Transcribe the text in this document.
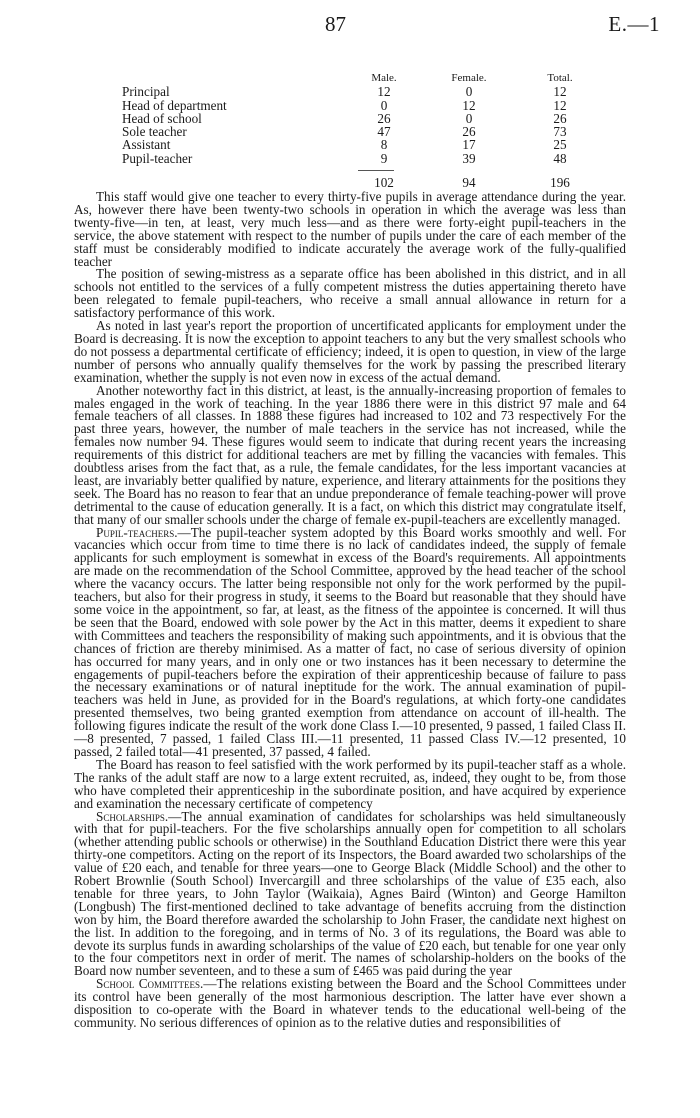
87	E.—1
Male.	Female.	Total.
Principal	12	0	12
Head of department	0	12	12
Head of school	26	0	26
Sole teacher	47	26	73
Assistant	8	17	25
Pupil-teacher	9	39	48
102	94	196

This staff would give one teacher to every thirty-five pupils in average attendance during the year. As, however there have been twenty-two schools in operation in which the average was less than twenty-five—in ten, at least, very much less—and as there were forty-eight pupil-teachers in the service, the above statement with respect to the number of pupils under the care of each member of the staff must be considerably modified to indicate accurately the average work of the fully-qualified teacher

The position of sewing-mistress as a separate office has been abolished in this district, and in all schools not entitled to the services of a fully competent mistress the duties appertaining thereto have been relegated to female pupil-teachers, who receive a small annual allowance in return for a satisfactory performance of this work.

As noted in last year's report the proportion of uncertificated applicants for employment under the Board is decreasing. It is now the exception to appoint teachers to any but the very smallest schools who do not possess a departmental certificate of efficiency; indeed, it is open to question, in view of the large number of persons who annually qualify themselves for the work by passing the prescribed literary examination, whether the supply is not even now in excess of the actual demand.

Another noteworthy fact in this district, at least, is the annually-increasing proportion of females to males engaged in the work of teaching. In the year 1886 there were in this district 97 male and 64 female teachers of all classes. In 1888 these figures had increased to 102 and 73 respectively For the past three years, however, the number of male teachers in the service has not increased, while the females now number 94. These figures would seem to indicate that during recent years the increasing requirements of this district for additional teachers are met by filling the vacancies with females. This doubtless arises from the fact that, as a rule, the female candidates, for the less important vacancies at least, are invariably better qualified by nature, experience, and literary attainments for the positions they seek. The Board has no reason to fear that an undue preponderance of female teaching-power will prove detrimental to the cause of education generally. It is a fact, on which this district may congratulate itself, that many of our smaller schools under the charge of female ex-pupil-teachers are excellently managed.

Pupil-teachers.—The pupil-teacher system adopted by this Board works smoothly and well. For vacancies which occur from time to time there is no lack of candidates indeed, the supply of female applicants for such employment is somewhat in excess of the Board's requirements. All appointments are made on the recommendation of the School Committee, approved by the head teacher of the school where the vacancy occurs. The latter being responsible not only for the work performed by the pupil-teachers, but also for their progress in study, it seems to the Board but reasonable that they should have some voice in the appointment, so far, at least, as the fitness of the appointee is concerned. It will thus be seen that the Board, endowed with sole power by the Act in this matter, deems it expedient to share with Committees and teachers the responsibility of making such appointments, and it is obvious that the chances of friction are thereby minimised. As a matter of fact, no case of serious diversity of opinion has occurred for many years, and in only one or two instances has it been necessary to determine the engagements of pupil-teachers before the expiration of their apprenticeship because of failure to pass the necessary examinations or of natural ineptitude for the work. The annual examination of pupil-teachers was held in June, as provided for in the Board's regulations, at which forty-one candidates presented themselves, two being granted exemption from attendance on account of ill-health. The following figures indicate the result of the work done Class I.—10 presented, 9 passed, 1 failed Class II.—8 presented, 7 passed, 1 failed Class III.—11 presented, 11 passed Class IV.—12 presented, 10 passed, 2 failed total—41 presented, 37 passed, 4 failed.

The Board has reason to feel satisfied with the work performed by its pupil-teacher staff as a whole. The ranks of the adult staff are now to a large extent recruited, as, indeed, they ought to be, from those who have completed their apprenticeship in the subordinate position, and have acquired by experience and examination the necessary certificate of competency

Scholarships.—The annual examination of candidates for scholarships was held simultaneously with that for pupil-teachers. For the five scholarships annually open for competition to all scholars (whether attending public schools or otherwise) in the Southland Education District there were this year thirty-one competitors. Acting on the report of its Inspectors, the Board awarded two scholarships of the value of £20 each, and tenable for three years—one to George Black (Middle School) and the other to Robert Brownlie (South School) Invercargill and three scholarships of the value of £35 each, also tenable for three years, to John Taylor (Waikaia), Agnes Baird (Winton) and George Hamilton (Longbush) The first-mentioned declined to take advantage of benefits accruing from the distinction won by him, the Board therefore awarded the scholarship to John Fraser, the candidate next highest on the list. In addition to the foregoing, and in terms of No. 3 of its regulations, the Board was able to devote its surplus funds in awarding scholarships of the value of £20 each, but tenable for one year only to the four competitors next in order of merit. The names of scholarship-holders on the books of the Board now number seventeen, and to these a sum of £465 was paid during the year

School Committees.—The relations existing between the Board and the School Committees under its control have been generally of the most harmonious description. The latter have ever shown a disposition to co-operate with the Board in whatever tends to the educational well-being of the community. No serious differences of opinion as to the relative duties and responsibilities of
